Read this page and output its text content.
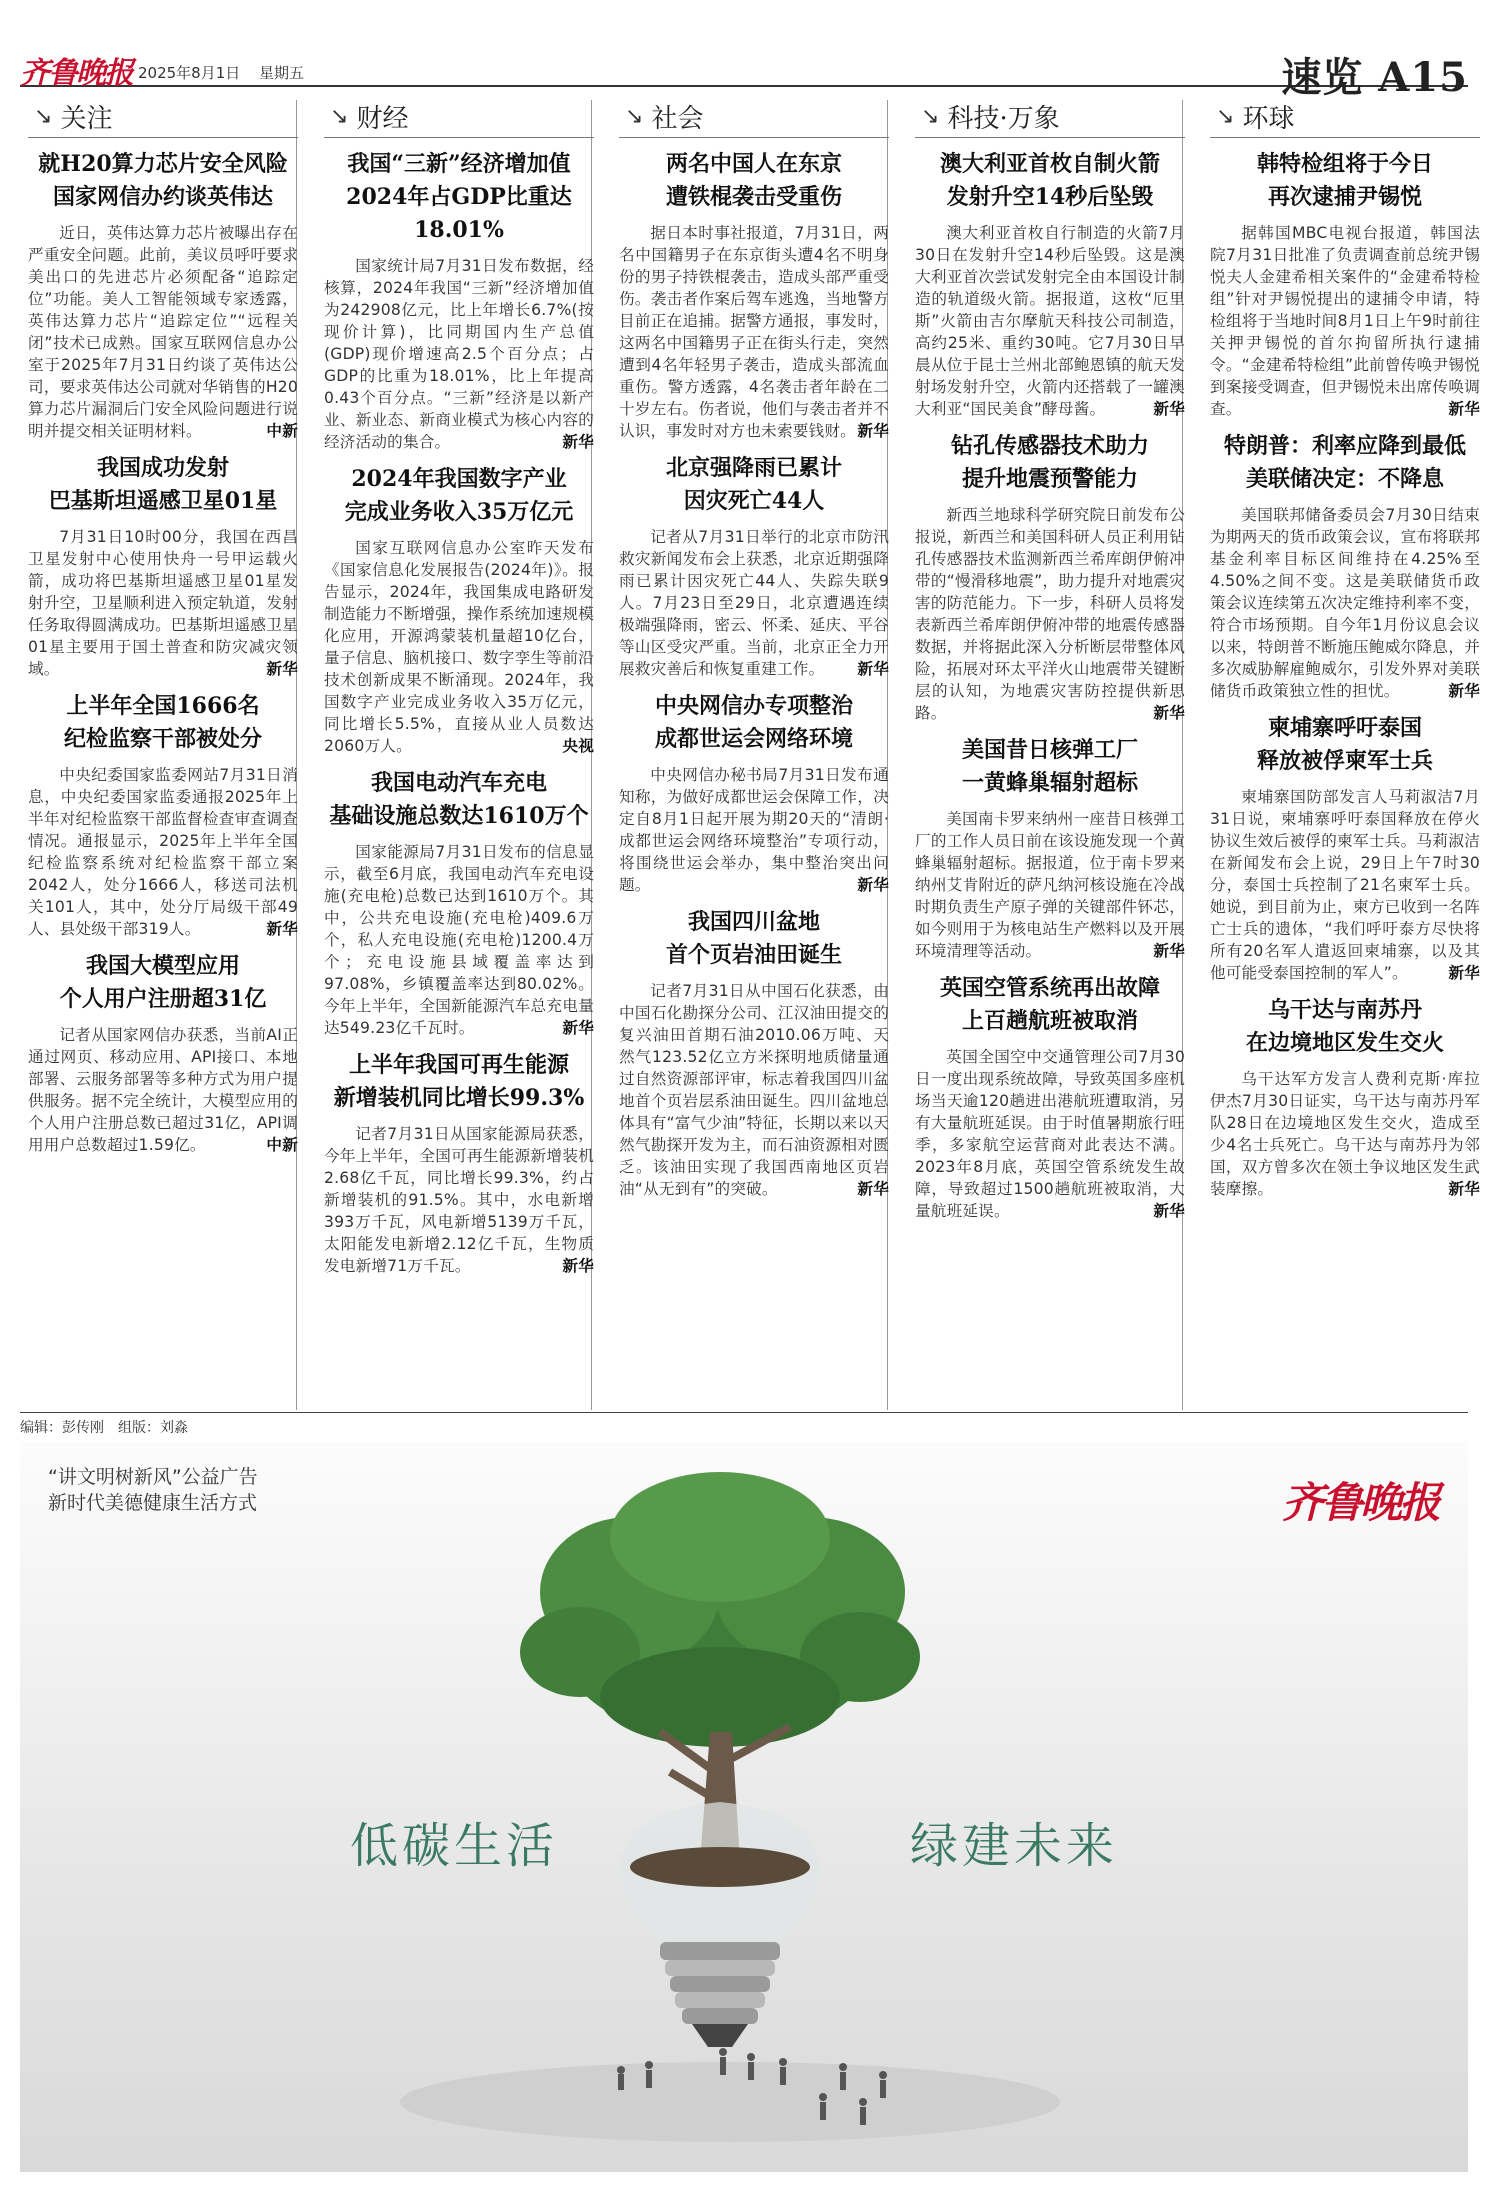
齐鲁晚报 2025年8月1日 星期五	速览 A15
↘ 关注
就H20算力芯片安全风险
国家网信办约谈英伟达

近日，英伟达算力芯片被曝出存在严重安全问题。此前，美议员呼吁要求美出口的先进芯片必须配备“追踪定位”功能。美人工智能领域专家透露，英伟达算力芯片“追踪定位”“远程关闭”技术已成熟。国家互联网信息办公室于2025年7月31日约谈了英伟达公司，要求英伟达公司就对华销售的H20算力芯片漏洞后门安全风险问题进行说明并提交相关证明材料。	中新

我国成功发射
巴基斯坦遥感卫星01星

7月31日10时00分，我国在西昌卫星发射中心使用快舟一号甲运载火箭，成功将巴基斯坦遥感卫星01星发射升空，卫星顺利进入预定轨道，发射任务取得圆满成功。巴基斯坦遥感卫星01星主要用于国土普查和防灾减灾领域。	新华

上半年全国1666名
纪检监察干部被处分

中央纪委国家监委网站7月31日消息，中央纪委国家监委通报2025年上半年对纪检监察干部监督检查审查调查情况。通报显示，2025年上半年全国纪检监察系统对纪检监察干部立案2042人，处分1666人，移送司法机关101人，其中，处分厅局级干部49人、县处级干部319人。	新华

我国大模型应用
个人用户注册超31亿

记者从国家网信办获悉，当前AI正通过网页、移动应用、API接口、本地部署、云服务部署等多种方式为用户提供服务。据不完全统计，大模型应用的个人用户注册总数已超过31亿，API调用用户总数超过1.59亿。	中新

↘ 财经
我国“三新”经济增加值
2024年占GDP比重达18.01%

国家统计局7月31日发布数据，经核算，2024年我国“三新”经济增加值为242908亿元，比上年增长6.7%(按现价计算)，比同期国内生产总值(GDP)现价增速高2.5个百分点；占GDP的比重为18.01%，比上年提高0.43个百分点。“三新”经济是以新产业、新业态、新商业模式为核心内容的经济活动的集合。	新华

2024年我国数字产业
完成业务收入35万亿元

国家互联网信息办公室昨天发布《国家信息化发展报告(2024年)》。报告显示，2024年，我国集成电路研发制造能力不断增强，操作系统加速规模化应用，开源鸿蒙装机量超10亿台，量子信息、脑机接口、数字孪生等前沿技术创新成果不断涌现。2024年，我国数字产业完成业务收入35万亿元，同比增长5.5%，直接从业人员数达2060万人。	央视

我国电动汽车充电
基础设施总数达1610万个

国家能源局7月31日发布的信息显示，截至6月底，我国电动汽车充电设施(充电枪)总数已达到1610万个。其中，公共充电设施(充电枪)409.6万个，私人充电设施(充电枪)1200.4万个；充电设施县域覆盖率达到97.08%，乡镇覆盖率达到80.02%。今年上半年，全国新能源汽车总充电量达549.23亿千瓦时。	新华

上半年我国可再生能源
新增装机同比增长99.3%

记者7月31日从国家能源局获悉，今年上半年，全国可再生能源新增装机2.68亿千瓦，同比增长99.3%，约占新增装机的91.5%。其中，水电新增393万千瓦，风电新增5139万千瓦，太阳能发电新增2.12亿千瓦，生物质发电新增71万千瓦。	新华

↘ 社会
两名中国人在东京
遭铁棍袭击受重伤

据日本时事社报道，7月31日，两名中国籍男子在东京街头遭4名不明身份的男子持铁棍袭击，造成头部严重受伤。袭击者作案后驾车逃逸，当地警方目前正在追捕。据警方通报，事发时，这两名中国籍男子正在街头行走，突然遭到4名年轻男子袭击，造成头部流血重伤。警方透露，4名袭击者年龄在二十岁左右。伤者说，他们与袭击者并不认识，事发时对方也未索要钱财。 新华

北京强降雨已累计
因灾死亡44人

记者从7月31日举行的北京市防汛救灾新闻发布会上获悉，北京近期强降雨已累计因灾死亡44人、失踪失联9人。7月23日至29日，北京遭遇连续极端强降雨，密云、怀柔、延庆、平谷等山区受灾严重。当前，北京正全力开展救灾善后和恢复重建工作。 新华

中央网信办专项整治
成都世运会网络环境

中央网信办秘书局7月31日发布通知称，为做好成都世运会保障工作，决定自8月1日起开展为期20天的“清朗·成都世运会网络环境整治”专项行动，将围绕世运会举办，集中整治突出问题。	新华

我国四川盆地
首个页岩油田诞生

记者7月31日从中国石化获悉，由中国石化勘探分公司、江汉油田提交的复兴油田首期石油2010.06万吨、天然气123.52亿立方米探明地质储量通过自然资源部评审，标志着我国四川盆地首个页岩层系油田诞生。四川盆地总体具有“富气少油”特征，长期以来以天然气勘探开发为主，而石油资源相对匮乏。该油田实现了我国西南地区页岩油“从无到有”的突破。	新华

↘ 科技·万象
澳大利亚首枚自制火箭
发射升空14秒后坠毁

澳大利亚首枚自行制造的火箭7月30日在发射升空14秒后坠毁。这是澳大利亚首次尝试发射完全由本国设计制造的轨道级火箭。据报道，这枚“厄里斯”火箭由吉尔摩航天科技公司制造，高约25米、重约30吨。它7月30日早晨从位于昆士兰州北部鲍恩镇的航天发射场发射升空，火箭内还搭载了一罐澳大利亚“国民美食”酵母酱。	新华

钻孔传感器技术助力
提升地震预警能力

新西兰地球科学研究院日前发布公报说，新西兰和美国科研人员正利用钻孔传感器技术监测新西兰希库朗伊俯冲带的“慢滑移地震”，助力提升对地震灾害的防范能力。下一步，科研人员将发表新西兰希库朗伊俯冲带的地震传感器数据，并将据此深入分析断层带整体风险，拓展对环太平洋火山地震带关键断层的认知，为地震灾害防控提供新思路。	新华

美国昔日核弹工厂
一黄蜂巢辐射超标

美国南卡罗来纳州一座昔日核弹工厂的工作人员日前在该设施发现一个黄蜂巢辐射超标。据报道，位于南卡罗来纳州艾肯附近的萨凡纳河核设施在冷战时期负责生产原子弹的关键部件钚芯，如今则用于为核电站生产燃料以及开展环境清理等活动。	新华

英国空管系统再出故障
上百趟航班被取消

英国全国空中交通管理公司7月30日一度出现系统故障，导致英国多座机场当天逾120趟进出港航班遭取消，另有大量航班延误。由于时值暑期旅行旺季，多家航空运营商对此表达不满。2023年8月底，英国空管系统发生故障，导致超过1500趟航班被取消，大量航班延误。	新华

↘ 环球
韩特检组将于今日
再次逮捕尹锡悦

据韩国MBC电视台报道，韩国法院7月31日批准了负责调查前总统尹锡悦夫人金建希相关案件的“金建希特检组”针对尹锡悦提出的逮捕令申请，特检组将于当地时间8月1日上午9时前往关押尹锡悦的首尔拘留所执行逮捕令。“金建希特检组”此前曾传唤尹锡悦到案接受调查，但尹锡悦未出席传唤调查。	新华

特朗普：利率应降到最低
美联储决定：不降息

美国联邦储备委员会7月30日结束为期两天的货币政策会议，宣布将联邦基金利率目标区间维持在4.25%至4.50%之间不变。这是美联储货币政策会议连续第五次决定维持利率不变，符合市场预期。自今年1月份议息会议以来，特朗普不断施压鲍威尔降息，并多次威胁解雇鲍威尔，引发外界对美联储货币政策独立性的担忧。	新华

柬埔寨呼吁泰国
释放被俘柬军士兵

柬埔寨国防部发言人马莉淑洁7月31日说，柬埔寨呼吁泰国释放在停火协议生效后被俘的柬军士兵。马莉淑洁在新闻发布会上说，29日上午7时30分，泰国士兵控制了21名柬军士兵。她说，到目前为止，柬方已收到一名阵亡士兵的遗体，“我们呼吁泰方尽快将所有20名军人遣返回柬埔寨，以及其他可能受泰国控制的军人”。	新华

乌干达与南苏丹
在边境地区发生交火

乌干达军方发言人费利克斯·库拉伊杰7月30日证实，乌干达与南苏丹军队28日在边境地区发生交火，造成至少4名士兵死亡。乌干达与南苏丹为邻国，双方曾多次在领土争议地区发生武装摩擦。	新华

编辑：彭传刚　组版：刘淼
“讲文明树新风”公益广告
新时代美德健康生活方式	齐鲁晚报
低碳生活	绿建未来
